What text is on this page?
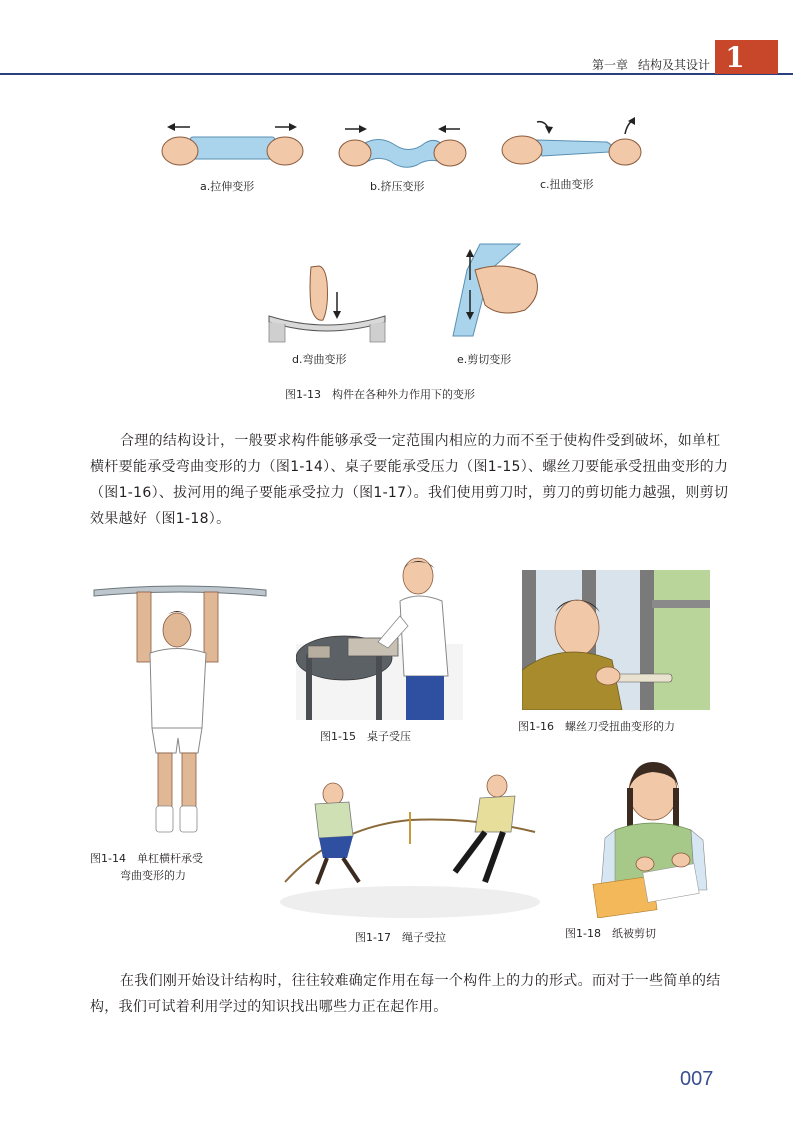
第一章 结构及其设计 1
a.拉伸变形	b.挤压变形	c.扭曲变形
d.弯曲变形	e.剪切变形
图1-13　构件在各种外力作用下的变形

合理的结构设计，一般要求构件能够承受一定范围内相应的力而不至于使构件受到破坏，如单杠横杆要能承受弯曲变形的力（图1-14）、桌子要能承受压力（图1-15）、螺丝刀要能承受扭曲变形的力（图1-16）、拔河用的绳子要能承受拉力（图1-17）。我们使用剪刀时，剪刀的剪切能力越强，则剪切效果越好（图1-18）。

图1-14　单杠横杆承受
弯曲变形的力
图1-15　桌子受压
图1-16　螺丝刀受扭曲变形的力
图1-17　绳子受拉	图1-18　纸被剪切

在我们刚开始设计结构时，往往较难确定作用在每一个构件上的力的形式。而对于一些简单的结构，我们可试着利用学过的知识找出哪些力正在起作用。

007
